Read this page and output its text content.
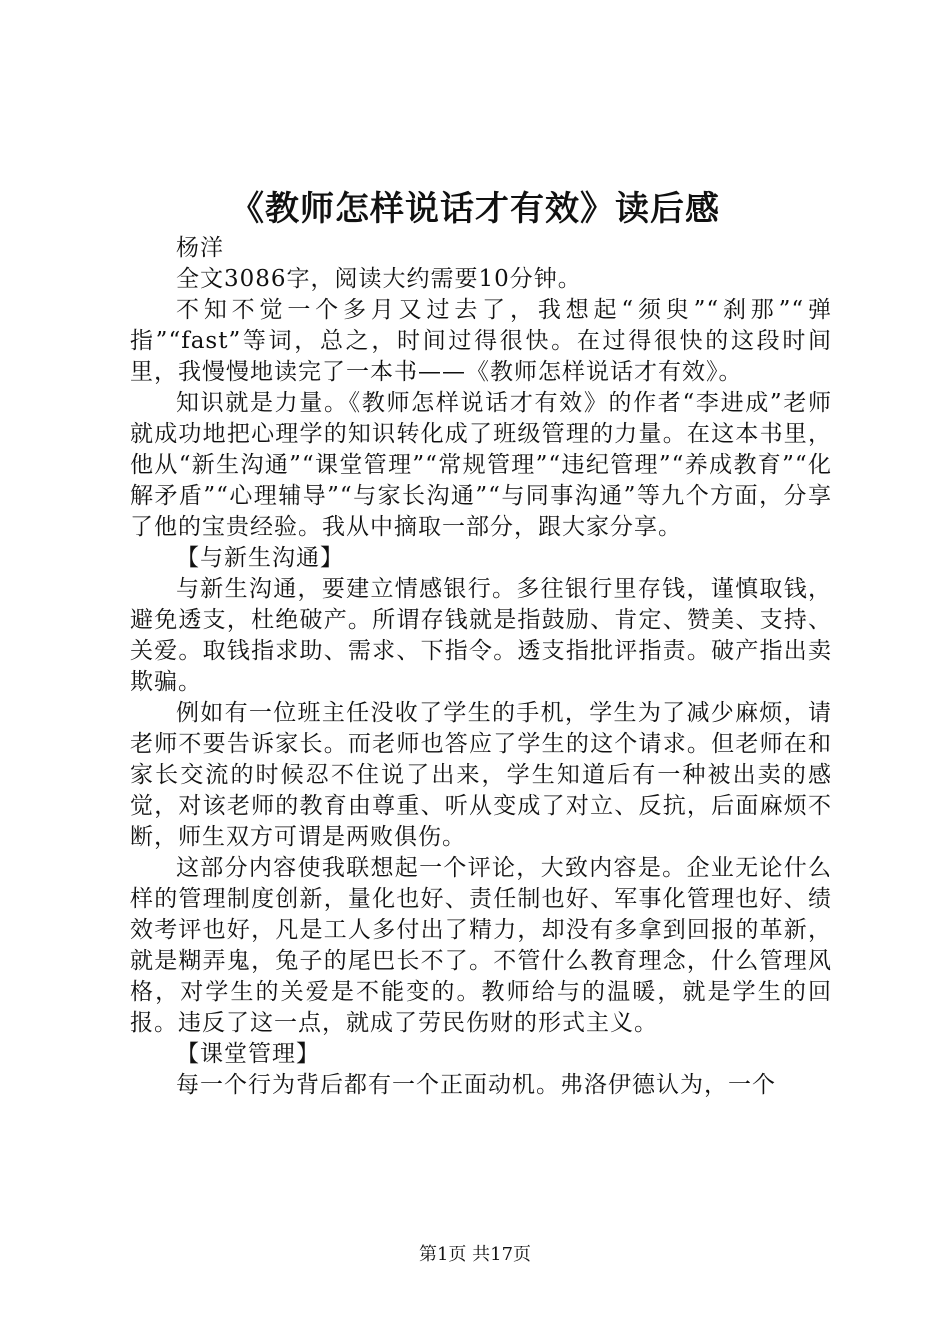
《教师怎样说话才有效》读后感

杨洋

全文3086字，阅读大约需要10分钟。

不知不觉一个多月又过去了，我想起“须臾”“刹那”“弹指”“fast”等词，总之，时间过得很快。在过得很快的这段时间里，我慢慢地读完了一本书——《教师怎样说话才有效》。

知识就是力量。《教师怎样说话才有效》的作者“李进成”老师就成功地把心理学的知识转化成了班级管理的力量。在这本书里，他从“新生沟通”“课堂管理”“常规管理”“违纪管理”“养成教育”“化解矛盾”“心理辅导”“与家长沟通”“与同事沟通”等九个方面，分享了他的宝贵经验。我从中摘取一部分，跟大家分享。

【与新生沟通】

与新生沟通，要建立情感银行。多往银行里存钱，谨慎取钱，避免透支，杜绝破产。所谓存钱就是指鼓励、肯定、赞美、支持、关爱。取钱指求助、需求、下指令。透支指批评指责。破产指出卖欺骗。

例如有一位班主任没收了学生的手机，学生为了减少麻烦，请老师不要告诉家长。而老师也答应了学生的这个请求。但老师在和家长交流的时候忍不住说了出来，学生知道后有一种被出卖的感觉，对该老师的教育由尊重、听从变成了对立、反抗，后面麻烦不断，师生双方可谓是两败俱伤。

这部分内容使我联想起一个评论，大致内容是。企业无论什么样的管理制度创新，量化也好、责任制也好、军事化管理也好、绩效考评也好，凡是工人多付出了精力，却没有多拿到回报的革新，就是糊弄鬼，兔子的尾巴长不了。不管什么教育理念，什么管理风格，对学生的关爱是不能变的。教师给与的温暖，就是学生的回报。违反了这一点，就成了劳民伤财的形式主义。

【课堂管理】

每一个行为背后都有一个正面动机。弗洛伊德认为，一个

第1页 共17页
